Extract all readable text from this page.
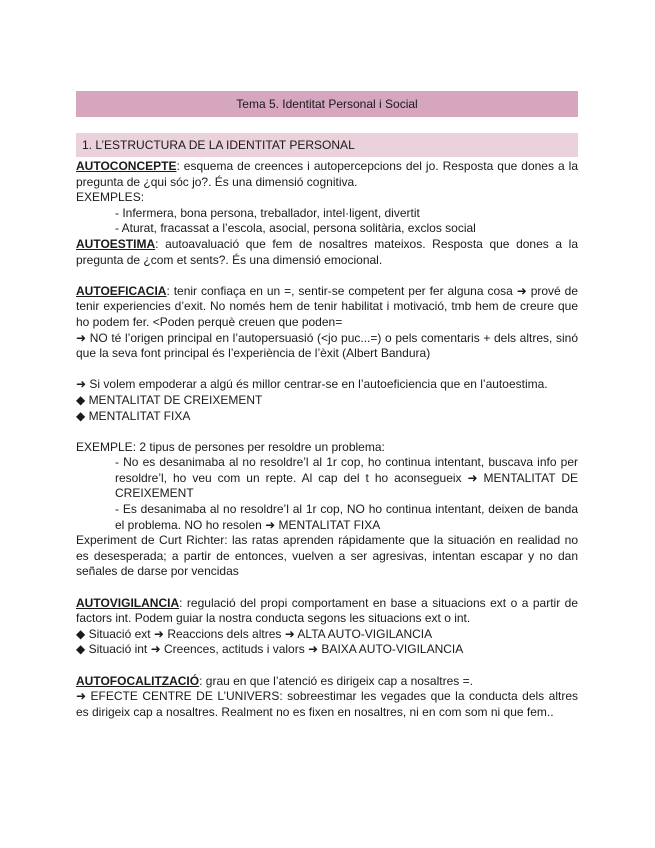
Tema 5. Identitat Personal i Social
1. L’ESTRUCTURA DE LA IDENTITAT PERSONAL

AUTOCONCEPTE: esquema de creences i autopercepcions del jo. Resposta que dones a la pregunta de ¿qui sóc jo?. És una dimensió cognitiva.

EXEMPLES:

- Infermera, bona persona, treballador, intel·ligent, divertit

- Aturat, fracassat a l’escola, asocial, persona solitària, exclos social

AUTOESTIMA: autoavaluació que fem de nosaltres mateixos. Resposta que dones a la pregunta de ¿com et sents?. És una dimensió emocional.

AUTOEFICACIA: tenir confiaça en un =, sentir-se competent per fer alguna cosa ➜ prové de tenir experiencies d’exit. No només hem de tenir habilitat i motivació, tmb hem de creure que ho podem fer. <Poden perquè creuen que poden=

➜ NO té l’origen principal en l’autopersuasió (<jo puc...=) o pels comentaris + dels altres, sinó que la seva font principal és l’experiència de l’èxit (Albert Bandura)

➜ Si volem empoderar a algú és millor centrar-se en l’autoeficiencia que en l’autoestima.

◆ MENTALITAT DE CREIXEMENT

◆ MENTALITAT FIXA

EXEMPLE: 2 tipus de persones per resoldre un problema:

- No es desanimaba al no resoldre’l al 1r cop, ho continua intentant, buscava info per resoldre’l, ho veu com un repte. Al cap del t ho aconsegueix ➜ MENTALITAT DE CREIXEMENT

- Es desanimaba al no resoldre’l al 1r cop, NO ho continua intentant, deixen de banda el problema. NO ho resolen ➜ MENTALITAT FIXA

Experiment de Curt Richter: las ratas aprenden rápidamente que la situación en realidad no es desesperada; a partir de entonces, vuelven a ser agresivas, intentan escapar y no dan señales de darse por vencidas

AUTOVIGILANCIA: regulació del propi comportament en base a situacions ext o a partir de factors int. Podem guiar la nostra conducta segons les situacions ext o int.

◆ Situació ext ➜ Reaccions dels altres ➜ ALTA AUTO-VIGILANCIA

◆ Situació int ➜ Creences, actituds i valors ➜ BAIXA AUTO-VIGILANCIA

AUTOFOCALITZACIÓ: grau en que l’atenció es dirigeix cap a nosaltres =.

➜ EFECTE CENTRE DE L’UNIVERS: sobreestimar les vegades que la conducta dels altres es dirigeix cap a nosaltres. Realment no es fixen en nosaltres, ni en com som ni que fem..
